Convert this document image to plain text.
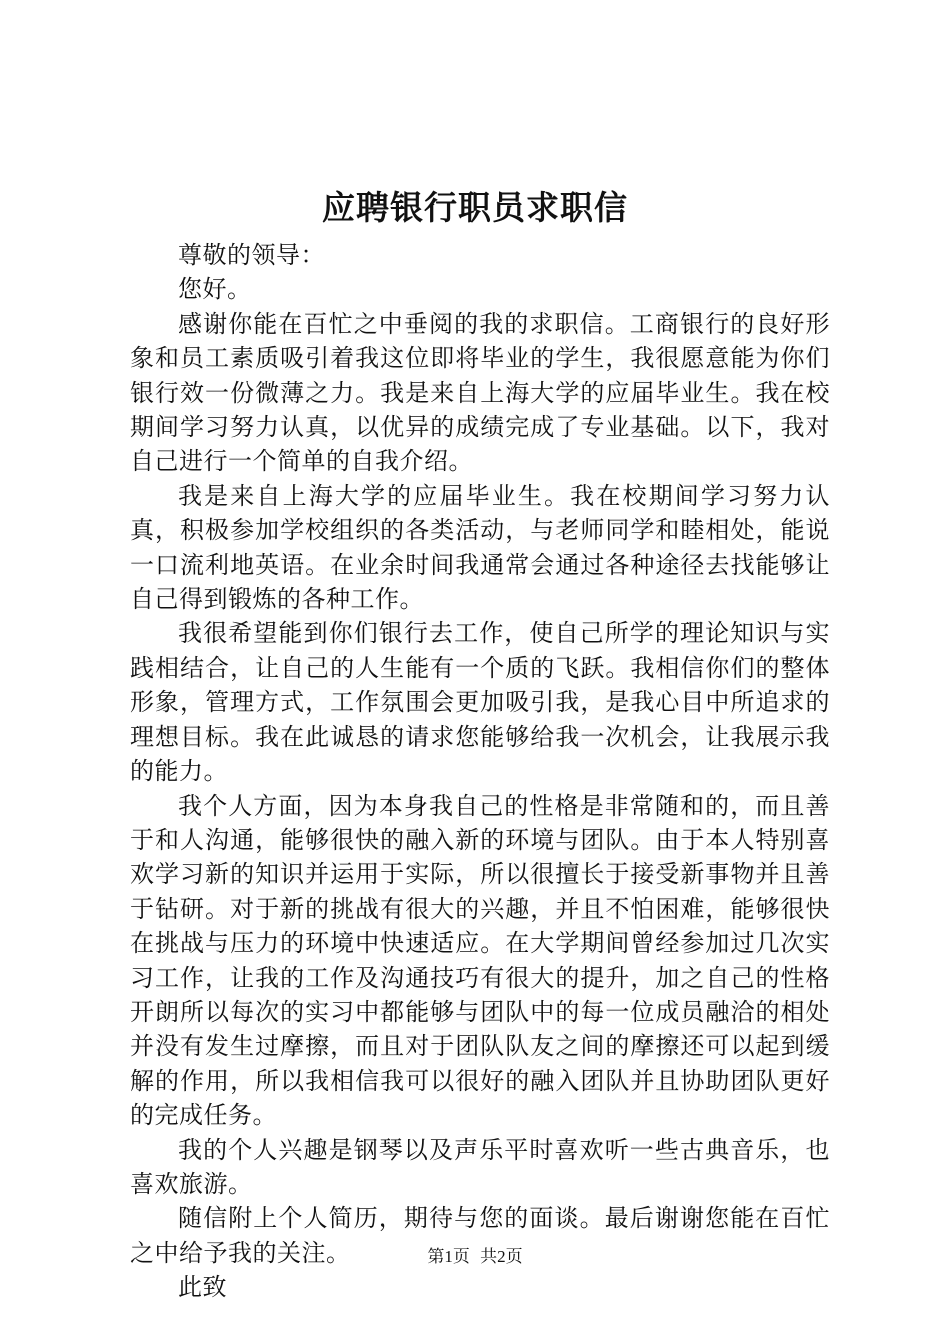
应聘银行职员求职信

尊敬的领导：

您好。

感谢你能在百忙之中垂阅的我的求职信。工商银行的良好形象和员工素质吸引着我这位即将毕业的学生，我很愿意能为你们银行效一份微薄之力。我是来自上海大学的应届毕业生。我在校期间学习努力认真，以优异的成绩完成了专业基础。以下，我对自己进行一个简单的自我介绍。

我是来自上海大学的应届毕业生。我在校期间学习努力认真，积极参加学校组织的各类活动，与老师同学和睦相处，能说一口流利地英语。在业余时间我通常会通过各种途径去找能够让自己得到锻炼的各种工作。

我很希望能到你们银行去工作，使自己所学的理论知识与实践相结合，让自己的人生能有一个质的飞跃。我相信你们的整体形象，管理方式，工作氛围会更加吸引我，是我心目中所追求的理想目标。我在此诚恳的请求您能够给我一次机会，让我展示我的能力。

我个人方面，因为本身我自己的性格是非常随和的，而且善于和人沟通，能够很快的融入新的环境与团队。由于本人特别喜欢学习新的知识并运用于实际，所以很擅长于接受新事物并且善于钻研。对于新的挑战有很大的兴趣，并且不怕困难，能够很快在挑战与压力的环境中快速适应。在大学期间曾经参加过几次实习工作，让我的工作及沟通技巧有很大的提升，加之自己的性格开朗所以每次的实习中都能够与团队中的每一位成员融洽的相处并没有发生过摩擦，而且对于团队队友之间的摩擦还可以起到缓解的作用，所以我相信我可以很好的融入团队并且协助团队更好的完成任务。

我的个人兴趣是钢琴以及声乐平时喜欢听一些古典音乐，也喜欢旅游。

随信附上个人简历，期待与您的面谈。最后谢谢您能在百忙之中给予我的关注。

此致

第1页 共2页
